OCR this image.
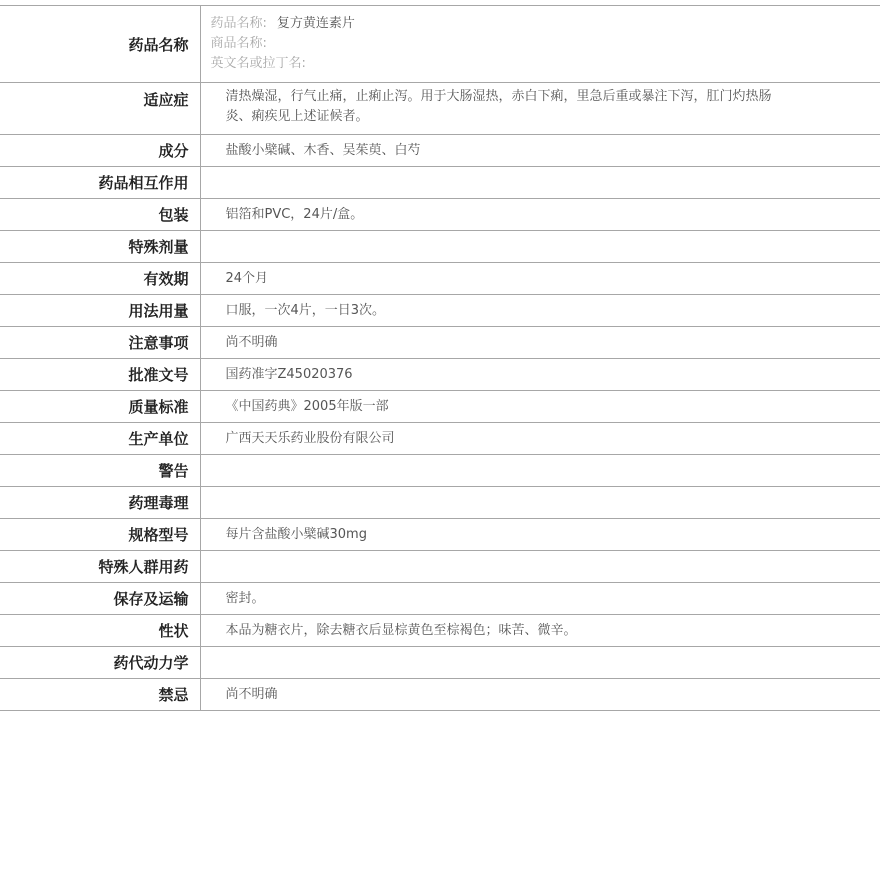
药品名称	药品名称: 复方黄连素片
商品名称:
英文名或拉丁名:

适应症	清热燥湿，行气止痛，止痢止泻。用于大肠湿热，赤白下痢，里急后重或暴注下泻，肛门灼热肠炎、痢疾见上述证候者。
成分	盐酸小檗碱、木香、吴茱萸、白芍
药品相互作用	
包装	铝箔和PVC，24片/盒。
特殊剂量	
有效期	24个月
用法用量	口服，一次4片，一日3次。
注意事项	尚不明确
批准文号	国药准字Z45020376
质量标准	《中国药典》2005年版一部
生产单位	广西天天乐药业股份有限公司
警告	
药理毒理	
规格型号	每片含盐酸小檗碱30mg
特殊人群用药	
保存及运输	密封。
性状	本品为糖衣片，除去糖衣后显棕黄色至棕褐色；味苦、微辛。
药代动力学	
禁忌	尚不明确
